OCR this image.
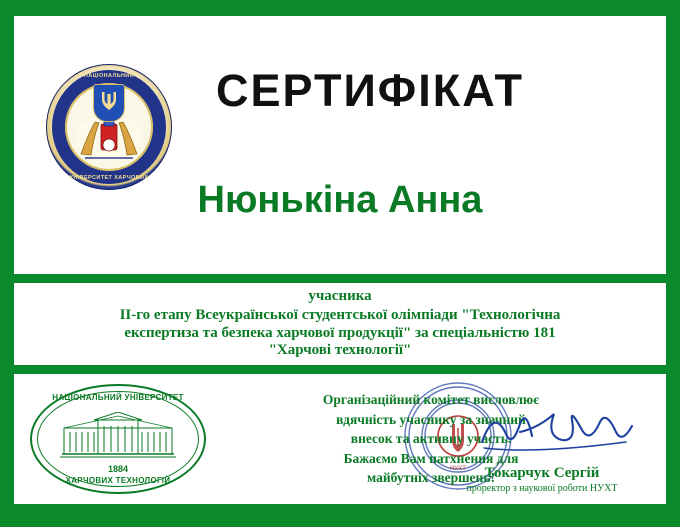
НАЦІОНАЛЬНИЙ
УНІВЕРСИТЕТ ХАРЧОВИХ
СЕРТИФІКАТ
Нюнькіна Анна
учасника
II-го етапу Всеукраїнської студентської олімпіади "Технологічна
експертиза та безпека харчової продукції" за спеціальністю 181
"Харчові технології"
НАЦІОНАЛЬНИЙ УНІВЕРСИТЕТ
1884
ХАРЧОВИХ ТЕХНОЛОГІЙ
Організаційний комітет висловлює
вдячність учаснику за значний
внесок та активну участь.
Бажаємо Вам натхнення для
майбутніх звершень!
НУХТ	Токарчук Сергій
проректор з наукової роботи НУХТ
